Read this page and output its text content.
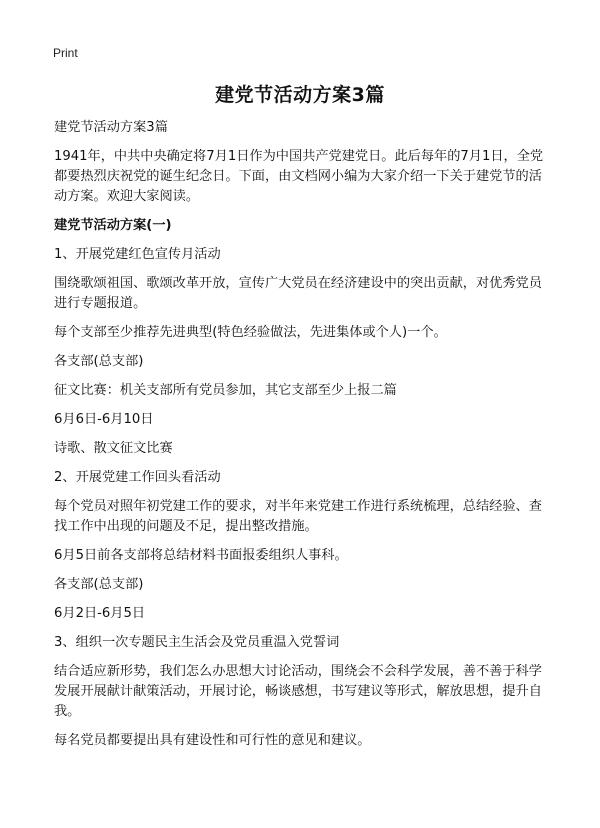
Print
建党节活动方案3篇

建党节活动方案3篇

1941年，中共中央确定将7月1日作为中国共产党建党日。此后每年的7月1日，全党都要热烈庆祝党的诞生纪念日。下面，由文档网小编为大家介绍一下关于建党节的活动方案。欢迎大家阅读。

建党节活动方案(一)

1、开展党建红色宣传月活动

围绕歌颂祖国、歌颂改革开放，宣传广大党员在经济建设中的突出贡献，对优秀党员进行专题报道。

每个支部至少推荐先进典型(特色经验做法，先进集体或个人)一个。

各支部(总支部)

征文比赛：机关支部所有党员参加，其它支部至少上报二篇

6月6日-6月10日

诗歌、散文征文比赛

2、开展党建工作回头看活动

每个党员对照年初党建工作的要求，对半年来党建工作进行系统梳理，总结经验、查找工作中出现的问题及不足，提出整改措施。

6月5日前各支部将总结材料书面报委组织人事科。

各支部(总支部)

6月2日-6月5日

3、组织一次专题民主生活会及党员重温入党誓词

结合适应新形势，我们怎么办思想大讨论活动，围绕会不会科学发展，善不善于科学发展开展献计献策活动，开展讨论，畅谈感想，书写建议等形式，解放思想，提升自我。

每名党员都要提出具有建设性和可行性的意见和建议。
